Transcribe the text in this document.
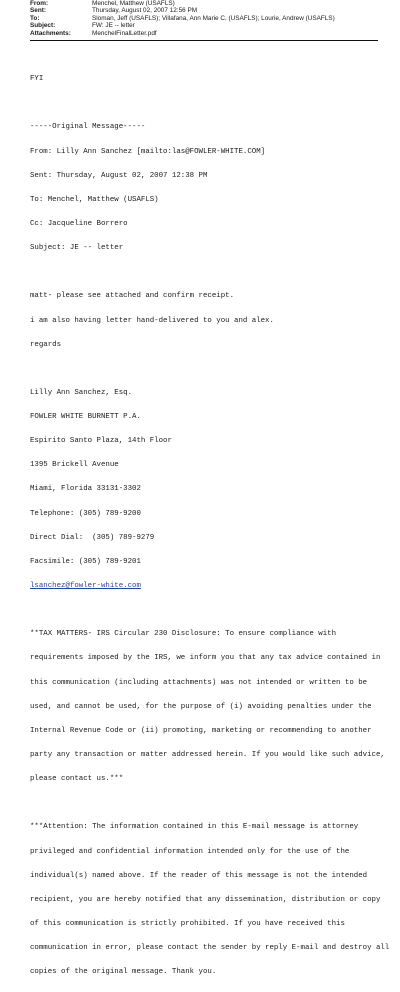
From:	Menchel, Matthew (USAFLS)
Sent:	Thursday, August 02, 2007 12:56 PM
To:	Sloman, Jeff (USAFLS); Villafana, Ann Marie C. (USAFLS); Lourie, Andrew (USAFLS)
Subject:	FW: JE -- letter
Attachments:	MenchelFinalLetter.pdf

FYI

-----Original Message-----

From: Lilly Ann Sanchez [mailto:las@FOWLER-WHITE.COM]

Sent: Thursday, August 02, 2007 12:38 PM

To: Menchel, Matthew (USAFLS)

Cc: Jacqueline Borrero

Subject: JE -- letter

matt- please see attached and confirm receipt.

i am also having letter hand-delivered to you and alex.

regards

Lilly Ann Sanchez, Esq.

FOWLER WHITE BURNETT P.A.

Espirito Santo Plaza, 14th Floor

1395 Brickell Avenue

Miami, Florida 33131-3302

Telephone: (305) 789-9200

Direct Dial:  (305) 789-9279

Facsimile: (305) 789-9201

lsanchez@fowler-white.com

**TAX MATTERS- IRS Circular 230 Disclosure: To ensure compliance with

requirements imposed by the IRS, we inform you that any tax advice contained in

this communication (including attachments) was not intended or written to be

used, and cannot be used, for the purpose of (i) avoiding penalties under the

Internal Revenue Code or (ii) promoting, marketing or recommending to another

party any transaction or matter addressed herein. If you would like such advice,

please contact us.***

***Attention: The information contained in this E-mail message is attorney

privileged and confidential information intended only for the use of the

individual(s) named above. If the reader of this message is not the intended

recipient, you are hereby notified that any dissemination, distribution or copy

of this communication is strictly prohibited. If you have received this

communication in error, please contact the sender by reply E-mail and destroy all

copies of the original message. Thank you.
